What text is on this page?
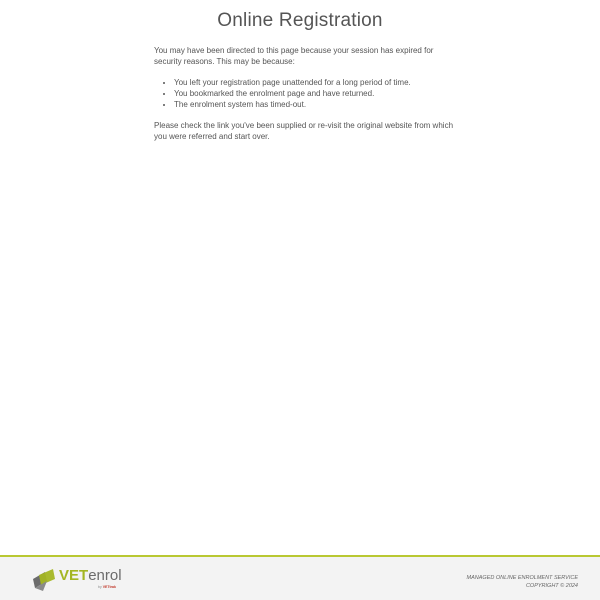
Online Registration

You may have been directed to this page because your session has expired for security reasons. This may be because:

• You left your registration page unattended for a long period of time.
• You bookmarked the enrolment page and have returned.
• The enrolment system has timed-out.

Please check the link you've been supplied or re-visit the original website from which you were referred and start over.

VETenrol
by VETtrak
MANAGED ONLINE ENROLMENT SERVICE
COPYRIGHT © 2024
